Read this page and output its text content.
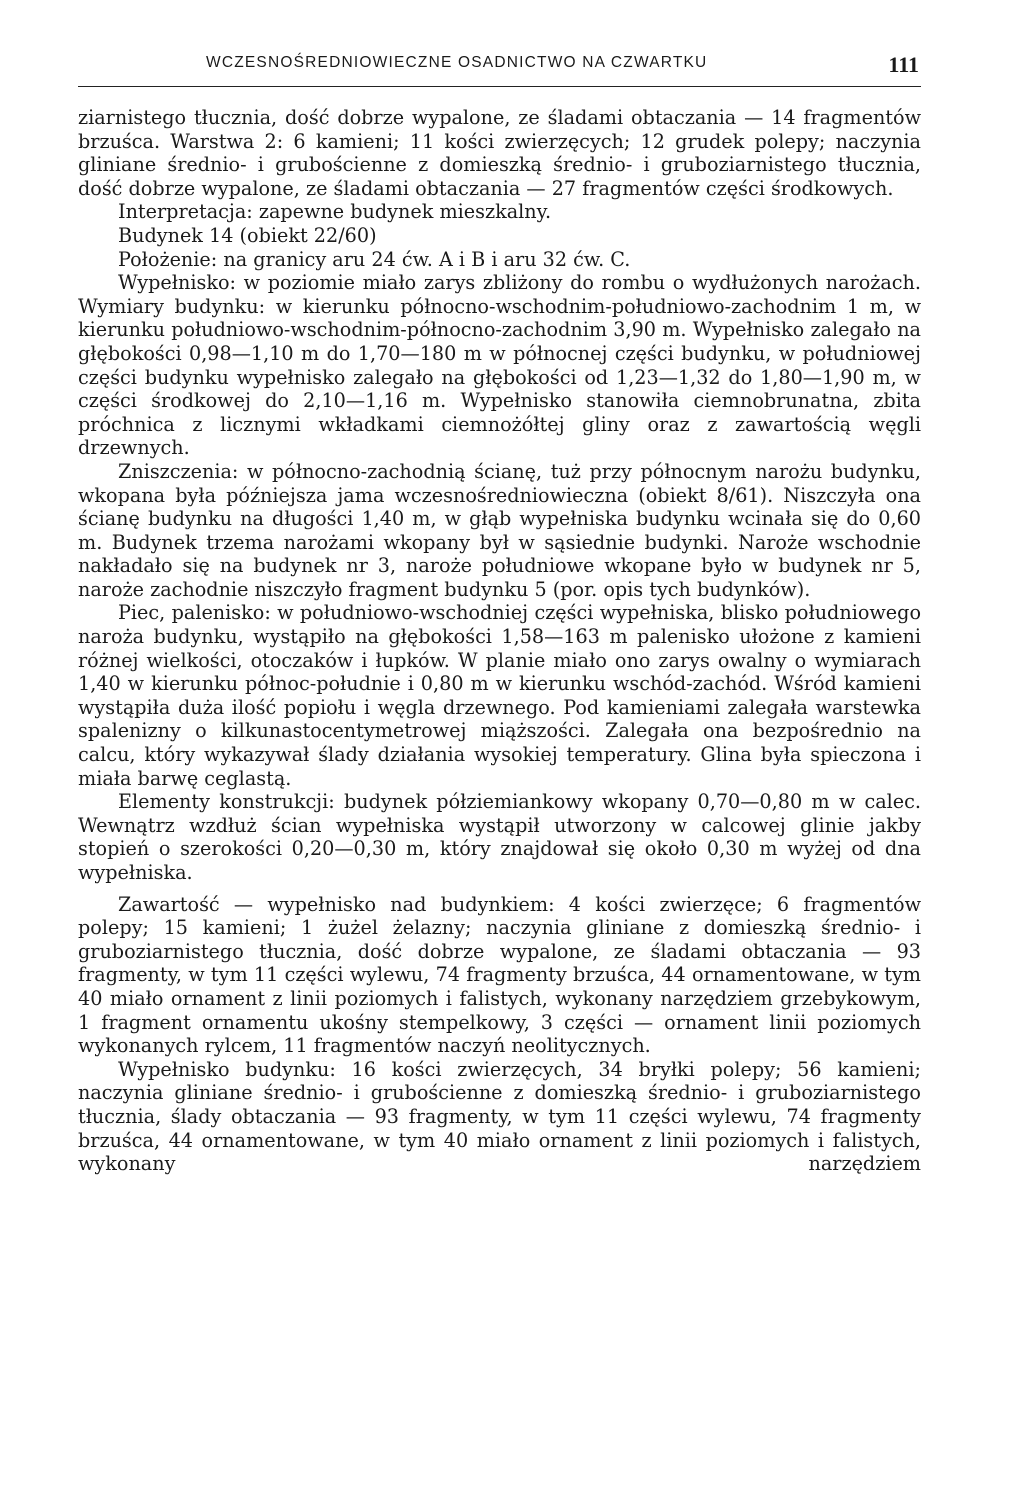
WCZESNOŚREDNIOWIECZNE OSADNICTWO NA CZWARTKU	111

ziarnistego tłucznia, dość dobrze wypalone, ze śladami obtaczania — 14 fragmentów brzuśca. Warstwa 2: 6 kamieni; 11 kości zwierzęcych; 12 grudek polepy; naczynia gliniane średnio- i grubościenne z domieszką średnio- i gruboziarnistego tłucznia, dość dobrze wypalone, ze śladami obtaczania — 27 fragmentów części środkowych.

Interpretacja: zapewne budynek mieszkalny.

Budynek 14 (obiekt 22/60)

Położenie: na granicy aru 24 ćw. A i B i aru 32 ćw. C.

Wypełnisko: w poziomie miało zarys zbliżony do rombu o wydłużonych narożach. Wymiary budynku: w kierunku północno-wschodnim-południowo-zachodnim 1 m, w kierunku południowo-wschodnim-północno-zachodnim 3,90 m. Wypełnisko zalegało na głębokości 0,98—1,10 m do 1,70—180 m w północnej części budynku, w południowej części budynku wypełnisko zalegało na głębokości od 1,23—1,32 do 1,80—1,90 m, w części środkowej do 2,10—1,16 m. Wypełnisko stanowiła ciemnobrunatna, zbita próchnica z licznymi wkładkami ciemnożółtej gliny oraz z zawartością węgli drzewnych.

Zniszczenia: w północno-zachodnią ścianę, tuż przy północnym narożu budynku, wkopana była późniejsza jama wczesnośredniowieczna (obiekt 8/61). Niszczyła ona ścianę budynku na długości 1,40 m, w głąb wypełniska budynku wcinała się do 0,60 m. Budynek trzema narożami wkopany był w sąsiednie budynki. Naroże wschodnie nakładało się na budynek nr 3, naroże południowe wkopane było w budynek nr 5, naroże zachodnie niszczyło fragment budynku 5 (por. opis tych budynków).

Piec, palenisko: w południowo-wschodniej części wypełniska, blisko południowego naroża budynku, wystąpiło na głębokości 1,58—163 m palenisko ułożone z kamieni różnej wielkości, otoczaków i łupków. W planie miało ono zarys owalny o wymiarach 1,40 w kierunku północ-południe i 0,80 m w kierunku wschód-zachód. Wśród kamieni wystąpiła duża ilość popiołu i węgla drzewnego. Pod kamieniami zalegała warstewka spalenizny o kilkunastocentymetrowej miąższości. Zalegała ona bezpośrednio na calcu, który wykazywał ślady działania wysokiej temperatury. Glina była spieczona i miała barwę ceglastą.

Elementy konstrukcji: budynek półziemiankowy wkopany 0,70—0,80 m w calec. Wewnątrz wzdłuż ścian wypełniska wystąpił utworzony w calcowej glinie jakby stopień o szerokości 0,20—0,30 m, który znajdował się około 0,30 m wyżej od dna wypełniska.

Zawartość — wypełnisko nad budynkiem: 4 kości zwierzęce; 6 fragmentów polepy; 15 kamieni; 1 żużel żelazny; naczynia gliniane z domieszką średnio- i gruboziarnistego tłucznia, dość dobrze wypalone, ze śladami obtaczania — 93 fragmenty, w tym 11 części wylewu, 74 fragmenty brzuśca, 44 ornamentowane, w tym 40 miało ornament z linii poziomych i falistych, wykonany narzędziem grzebykowym, 1 fragment ornamentu ukośny stempelkowy, 3 części — ornament linii poziomych wykonanych rylcem, 11 fragmentów naczyń neolitycznych.

Wypełnisko budynku: 16 kości zwierzęcych, 34 bryłki polepy; 56 kamieni; naczynia gliniane średnio- i grubościenne z domieszką średnio- i gruboziarnistego tłucznia, ślady obtaczania — 93 fragmenty, w tym 11 części wylewu, 74 fragmenty brzuśca, 44 ornamentowane, w tym 40 miało ornament z linii poziomych i falistych, wykonany narzędziem
